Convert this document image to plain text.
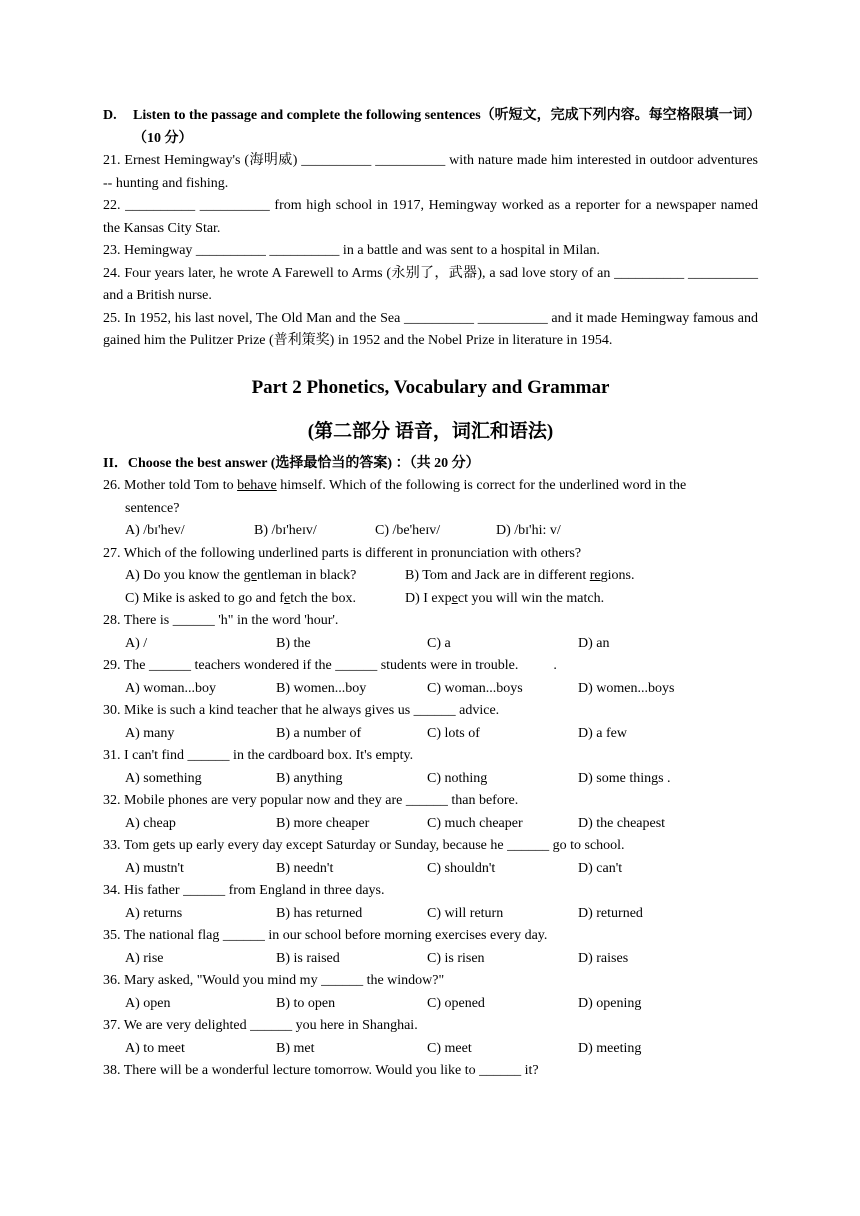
D.	Listen to the passage and complete the following sentences（听短文，完成下列内容。每空格限填一词）（10 分）

21. Ernest Hemingway's (海明威) __________ __________ with nature made him interested in outdoor adventures -- hunting and fishing.

22. __________ __________ from high school in 1917, Hemingway worked as a reporter for a newspaper named the Kansas City Star.

23. Hemingway __________ __________ in a battle and was sent to a hospital in Milan.

24. Four years later, he wrote A Farewell to Arms (永别了，武器), a sad love story of an __________ __________ and a British nurse.

25. In 1952, his last novel, The Old Man and the Sea __________ __________ and it made Hemingway famous and gained him the Pulitzer Prize (普利策奖) in 1952 and the Nobel Prize in literature in 1954.

Part 2 Phonetics, Vocabulary and Grammar
(第二部分 语音，词汇和语法)

II．Choose the best answer (选择最恰当的答案) ：（共 20 分）

26. Mother told Tom to behave himself. Which of the following is correct for the underlined word in the
sentence?

A) /bɪ'hev/	B) /bɪ'heɪv/	C) /be'heɪv/	D) /bɪ'hi: v/

27. Which of the following underlined parts is different in pronunciation with others?

A) Do you know the gentleman in black?	B) Tom and Jack are in different regions.
C) Mike is asked to go and fetch the box.	D) I expect you will win the match.

28. There is ______ 'h" in the word 'hour'.

A) /	B) the	C) a	D) an

29. The ______ teachers wondered if the ______ students were in trouble.          .

A) woman...boy	B) women...boy	C) woman...boys	D) women...boys

30. Mike is such a kind teacher that he always gives us ______ advice.

A) many	B) a number of	C) lots of	D) a few

31. I can't find ______ in the cardboard box. It's empty.

A) something	B) anything	C) nothing	D) some things .

32. Mobile phones are very popular now and they are ______ than before.

A) cheap	B) more cheaper	C) much cheaper	D) the cheapest

33. Tom gets up early every day except Saturday or Sunday, because he ______ go to school.

A) mustn't	B) needn't	C) shouldn't	D) can't

34. His father ______ from England in three days.

A) returns	B) has returned	C) will return	D) returned

35. The national flag ______ in our school before morning exercises every day.

A) rise	B) is raised	C) is risen	D) raises

36. Mary asked, "Would you mind my ______ the window?"

A) open	B) to open	C) opened	D) opening

37. We are very delighted ______ you here in Shanghai.

A) to meet	B) met	C) meet	D) meeting

38. There will be a wonderful lecture tomorrow. Would you like to ______ it?
